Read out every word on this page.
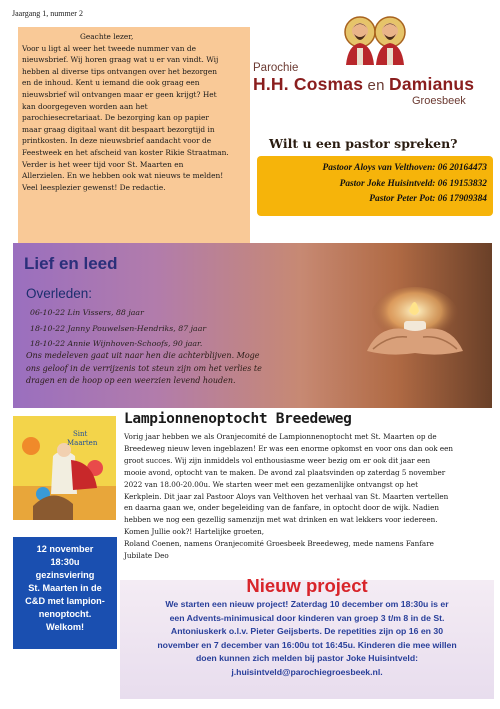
Jaargang 1, nummer 2

Geachte lezer,

Voor u ligt al weer het tweede nummer van de

nieuwsbrief. Wij horen graag wat u er van vindt. Wij

hebben al diverse tips ontvangen over het bezorgen

en de inhoud. Kent u iemand die ook graag een

nieuwsbrief wil ontvangen maar er geen krijgt? Het

kan doorgegeven worden aan het

parochiesecretariaat. De bezorging kan op papier

maar graag digitaal want dit bespaart bezorgtijd in

printkosten. In deze nieuwsbrief aandacht voor de

Feestweek en het afscheid van koster Rikie Straatman.

Verder is het weer tijd voor St. Maarten en

Allerzielen. En we hebben ook wat nieuws te melden!

Veel leesplezier gewenst! De redactie.

Parochie
H.H. Cosmas en Damianus
Groesbeek
Wilt u een pastor spreken?
Pastoor Aloys van Velthoven: 06 20164473
Pastor Joke Huisintveld: 06 19153832
Pastor Peter Pot: 06 17909384
Lief en leed
Overleden:
06-10-22 Lin Vissers, 88 jaar
18-10-22 Janny Pouwelsen-Hendriks, 87 jaar
18-10-22 Annie Wijnhoven-Schoofs, 90 jaar.
Ons medeleven gaat uit naar hen die achterblijven. Moge
ons geloof in de verrijzenis tot steun zijn om het verlies te
dragen en de hoop op een weerzien levend houden.
Sint
Maarten
Lampionnenoptocht Breedeweg

Vorig jaar hebben we als Oranjecomité de Lampionnenoptocht met St. Maarten op de

Breedeweg nieuw leven ingeblazen! Er was een enorme opkomst en voor ons dan ook een

groot succes. Wij zijn inmiddels vol enthousiasme weer bezig om er ook dit jaar een

mooie avond, optocht van te maken. De avond zal plaatsvinden op zaterdag 5 november

2022 van 18.00-20.00u. We starten weer met een gezamenlijke ontvangst op het

Kerkplein. Dit jaar zal Pastoor Aloys van Velthoven het verhaal van St. Maarten vertellen

en daarna gaan we, onder begeleiding van de fanfare, in optocht door de wijk. Nadien

hebben we nog een gezellig samenzijn met wat drinken en wat lekkers voor iedereen.

Komen Jullie ook?! Hartelijke groeten,

Roland Coenen, namens Oranjecomité Groesbeek Breedeweg, mede namens Fanfare

Jubilate Deo

12 november
18:30u
gezinsviering
St. Maarten in de
C&D met lampion-
nenoptocht.
Welkom!
Nieuw project
We starten een nieuw project! Zaterdag 10 december om 18:30u is er
een Advents-minimusical door kinderen van groep 3 t/m 8 in de St.
Antoniuskerk o.l.v. Pieter Geijsberts. De repetities zijn op 16 en 30
november en 7 december van 16:00u tot 16:45u. Kinderen die mee willen
doen kunnen zich melden bij pastor Joke Huisintveld:
j.huisintveld@parochiegroesbeek.nl.
